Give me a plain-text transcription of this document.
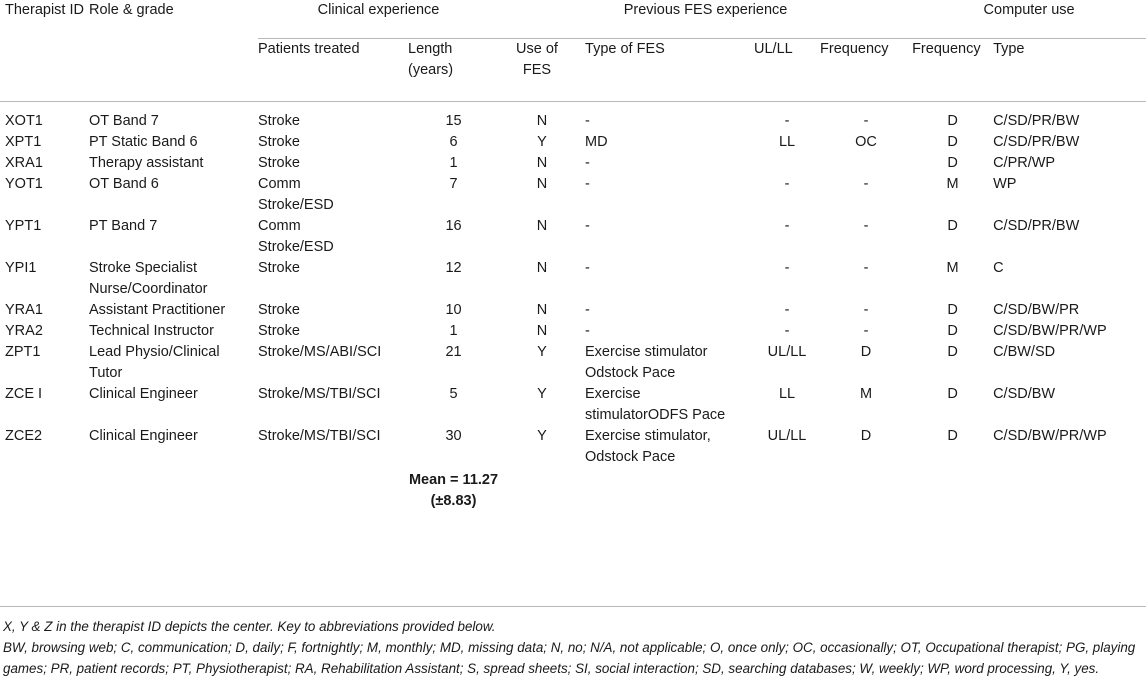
Therapist ID	Role & grade	Clinical experience		Previous FES experience				Computer use	
		Patients treated	Length (years)	Use of FES	Type of FES	UL/LL	Frequency	Frequency	Type
XOT1	OT Band 7	Stroke	15	N	-	-	-	D	C/SD/PR/BW
XPT1	PT Static Band 6	Stroke	6	Y	MD	LL	OC	D	C/SD/PR/BW
XRA1	Therapy assistant	Stroke	1	N	-			D	C/PR/WP
YOT1	OT Band 6	Comm Stroke/ESD	7	N	-	-	-	M	WP
YPT1	PT Band 7	Comm Stroke/ESD	16	N	-	-	-	D	C/SD/PR/BW
YPI1	Stroke Specialist Nurse/Coordinator	Stroke	12	N	-	-	-	M	C
YRA1	Assistant Practitioner	Stroke	10	N	-	-	-	D	C/SD/BW/PR
YRA2	Technical Instructor	Stroke	1	N	-	-	-	D	C/SD/BW/PR/WP
ZPT1	Lead Physio/Clinical Tutor	Stroke/MS/ABI/SCI	21	Y	Exercise stimulator Odstock Pace	UL/LL	D	D	C/BW/SD
ZCE I	Clinical Engineer	Stroke/MS/TBI/SCI	5	Y	Exercise stimulatorODFS Pace	LL	M	D	C/SD/BW
ZCE2	Clinical Engineer	Stroke/MS/TBI/SCI	30	Y	Exercise stimulator, Odstock Pace	UL/LL	D	D	C/SD/BW/PR/WP

			Mean = 11.27
(±8.83)						

X, Y & Z in the therapist ID depicts the center. Key to abbreviations provided below.
BW, browsing web; C, communication; D, daily; F, fortnightly; M, monthly; MD, missing data; N, no; N/A, not applicable; O, once only; OC, occasionally; OT, Occupational therapist; PG, playing games; PR, patient records; PT, Physiotherapist; RA, Rehabilitation Assistant; S, spread sheets; SI, social interaction; SD, searching databases; W, weekly; WP, word processing, Y, yes.
